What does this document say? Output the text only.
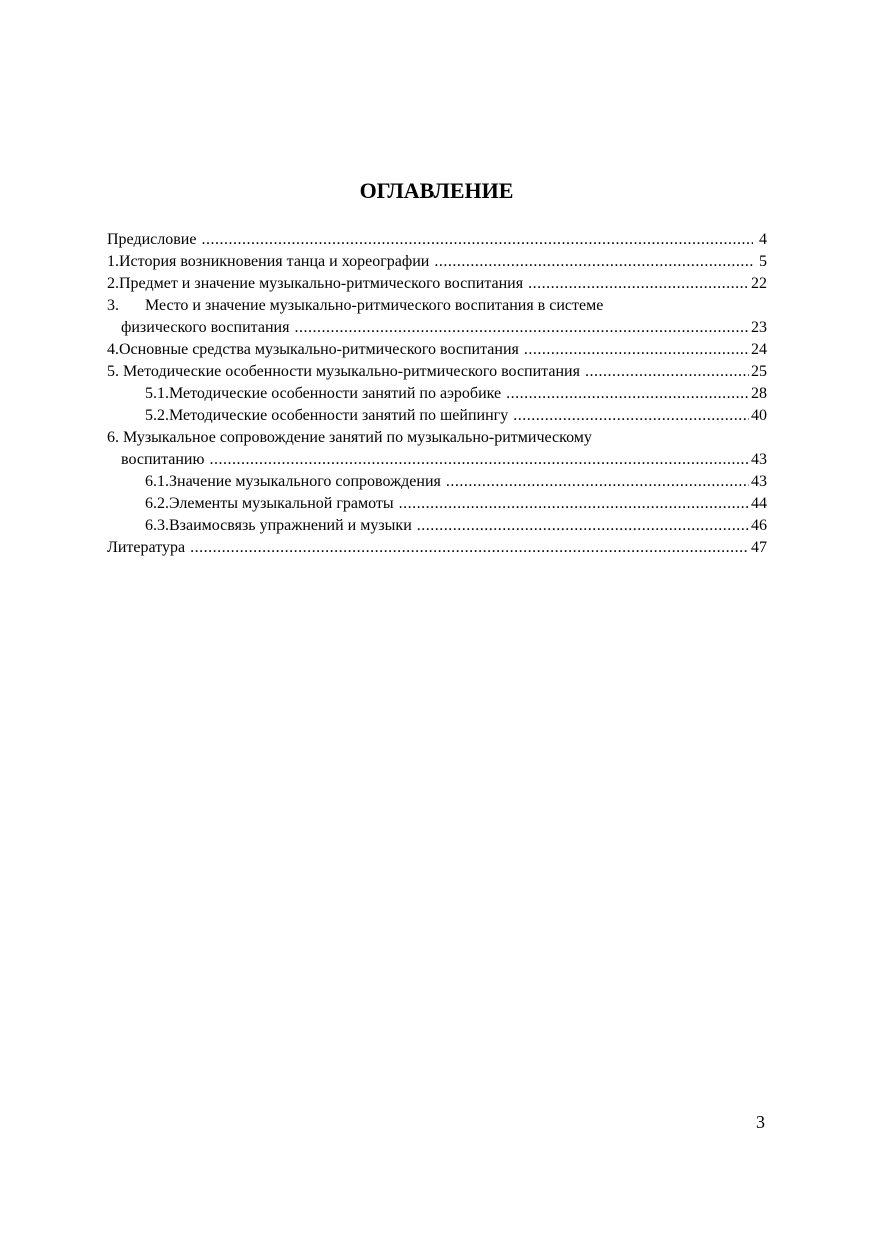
ОГЛАВЛЕНИЕ
Предисловие .....	4
1. История возникновения танца и хореографии .....	5
2. Предмет и значение музыкально-ритмического воспитания .....	22
3.	Место и значение музыкально-ритмического воспитания в системе
физического воспитания .....	23
4. Основные средства музыкально-ритмического воспитания .....	24
5. Методические особенности музыкально-ритмического воспитания .....	25
5.1. Методические особенности занятий по аэробике .....	28
5.2. Методические особенности занятий по шейпингу .....	40
6. Музыкальное сопровождение занятий по музыкально-ритмическому
воспитанию .....	43
6.1. Значение музыкального сопровождения .....	43
6.2. Элементы музыкальной грамоты .....	44
6.3. Взаимосвязь упражнений и музыки .....	46
Литература .....	47
3
